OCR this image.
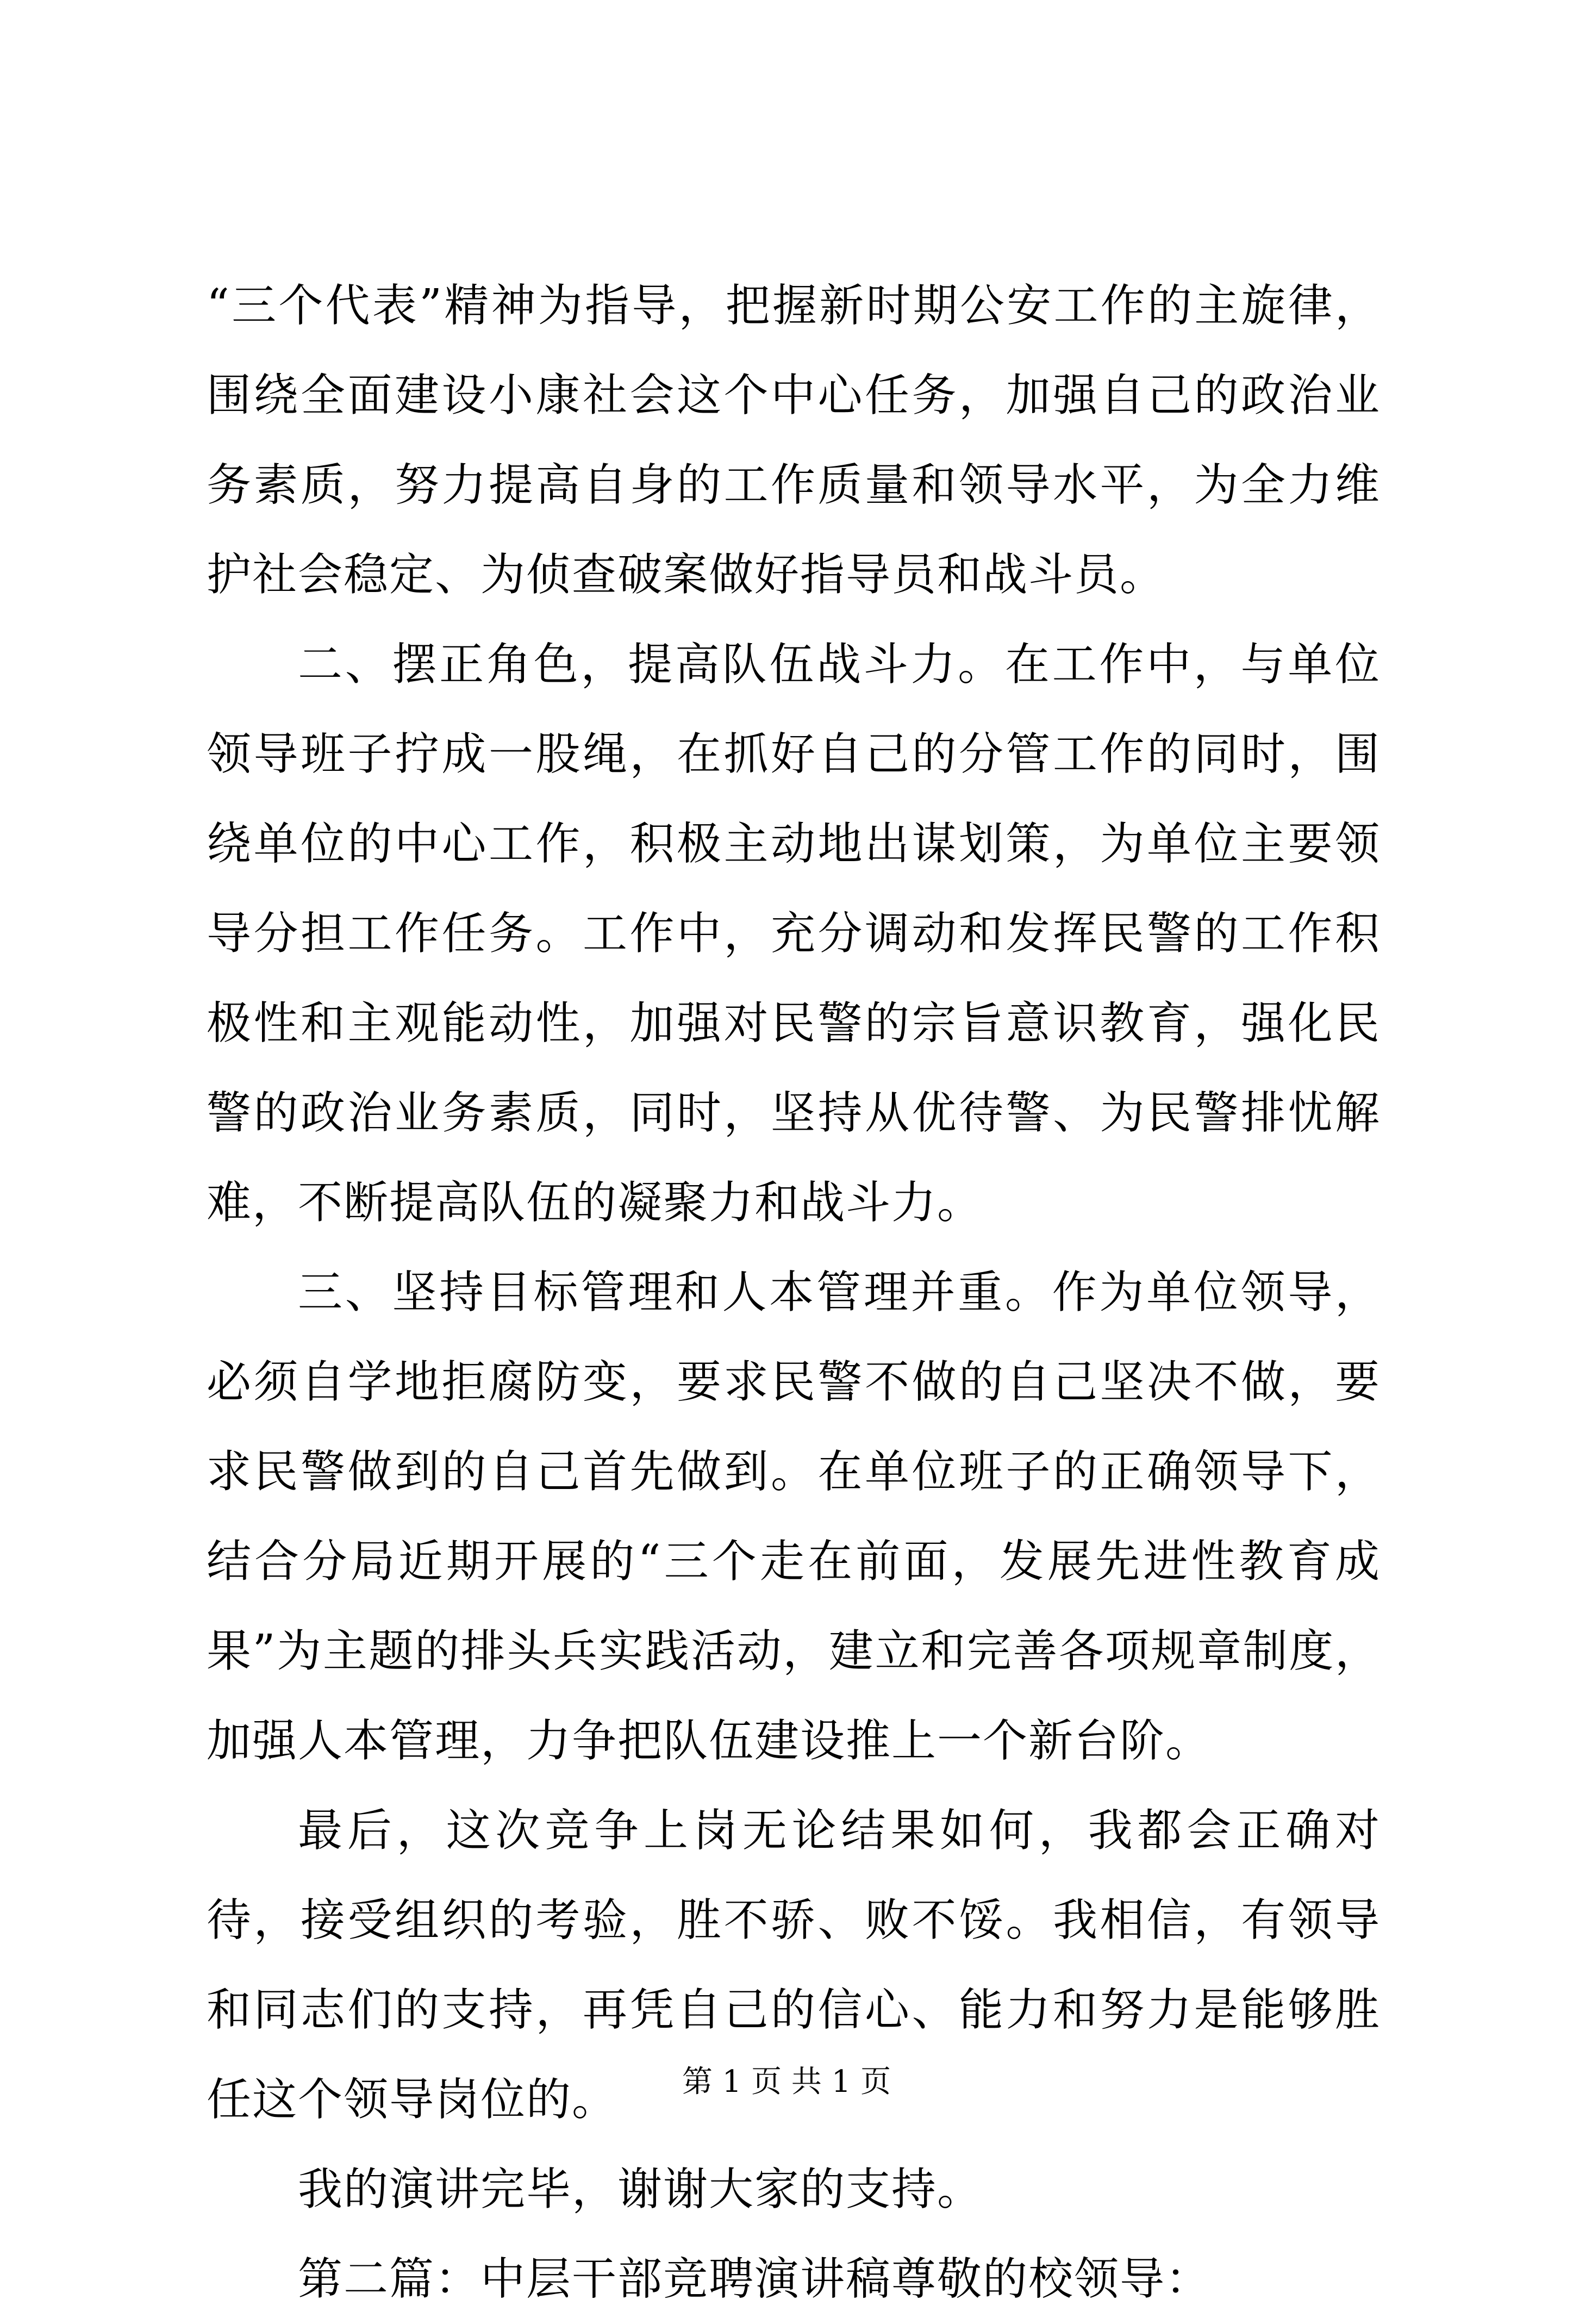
“三个代表”精神为指导，把握新时期公安工作的主旋律，围绕全面建设小康社会这个中心任务，加强自己的政治业务素质，努力提高自身的工作质量和领导水平，为全力维护社会稳定、为侦查破案做好指导员和战斗员。

二、摆正角色，提高队伍战斗力。在工作中，与单位领导班子拧成一股绳，在抓好自己的分管工作的同时，围绕单位的中心工作，积极主动地出谋划策，为单位主要领导分担工作任务。工作中，充分调动和发挥民警的工作积极性和主观能动性，加强对民警的宗旨意识教育，强化民警的政治业务素质，同时，坚持从优待警、为民警排忧解难，不断提高队伍的凝聚力和战斗力。

三、坚持目标管理和人本管理并重。作为单位领导，必须自学地拒腐防变，要求民警不做的自己坚决不做，要求民警做到的自己首先做到。在单位班子的正确领导下，结合分局近期开展的“三个走在前面，发展先进性教育成果”为主题的排头兵实践活动，建立和完善各项规章制度，加强人本管理，力争把队伍建设推上一个新台阶。

最后，这次竞争上岗无论结果如何，我都会正确对待，接受组织的考验，胜不骄、败不馁。我相信，有领导和同志们的支持，再凭自己的信心、能力和努力是能够胜任这个领导岗位的。

我的演讲完毕，谢谢大家的支持。

第二篇：中层干部竞聘演讲稿尊敬的校领导：

第 1 页 共 1 页
